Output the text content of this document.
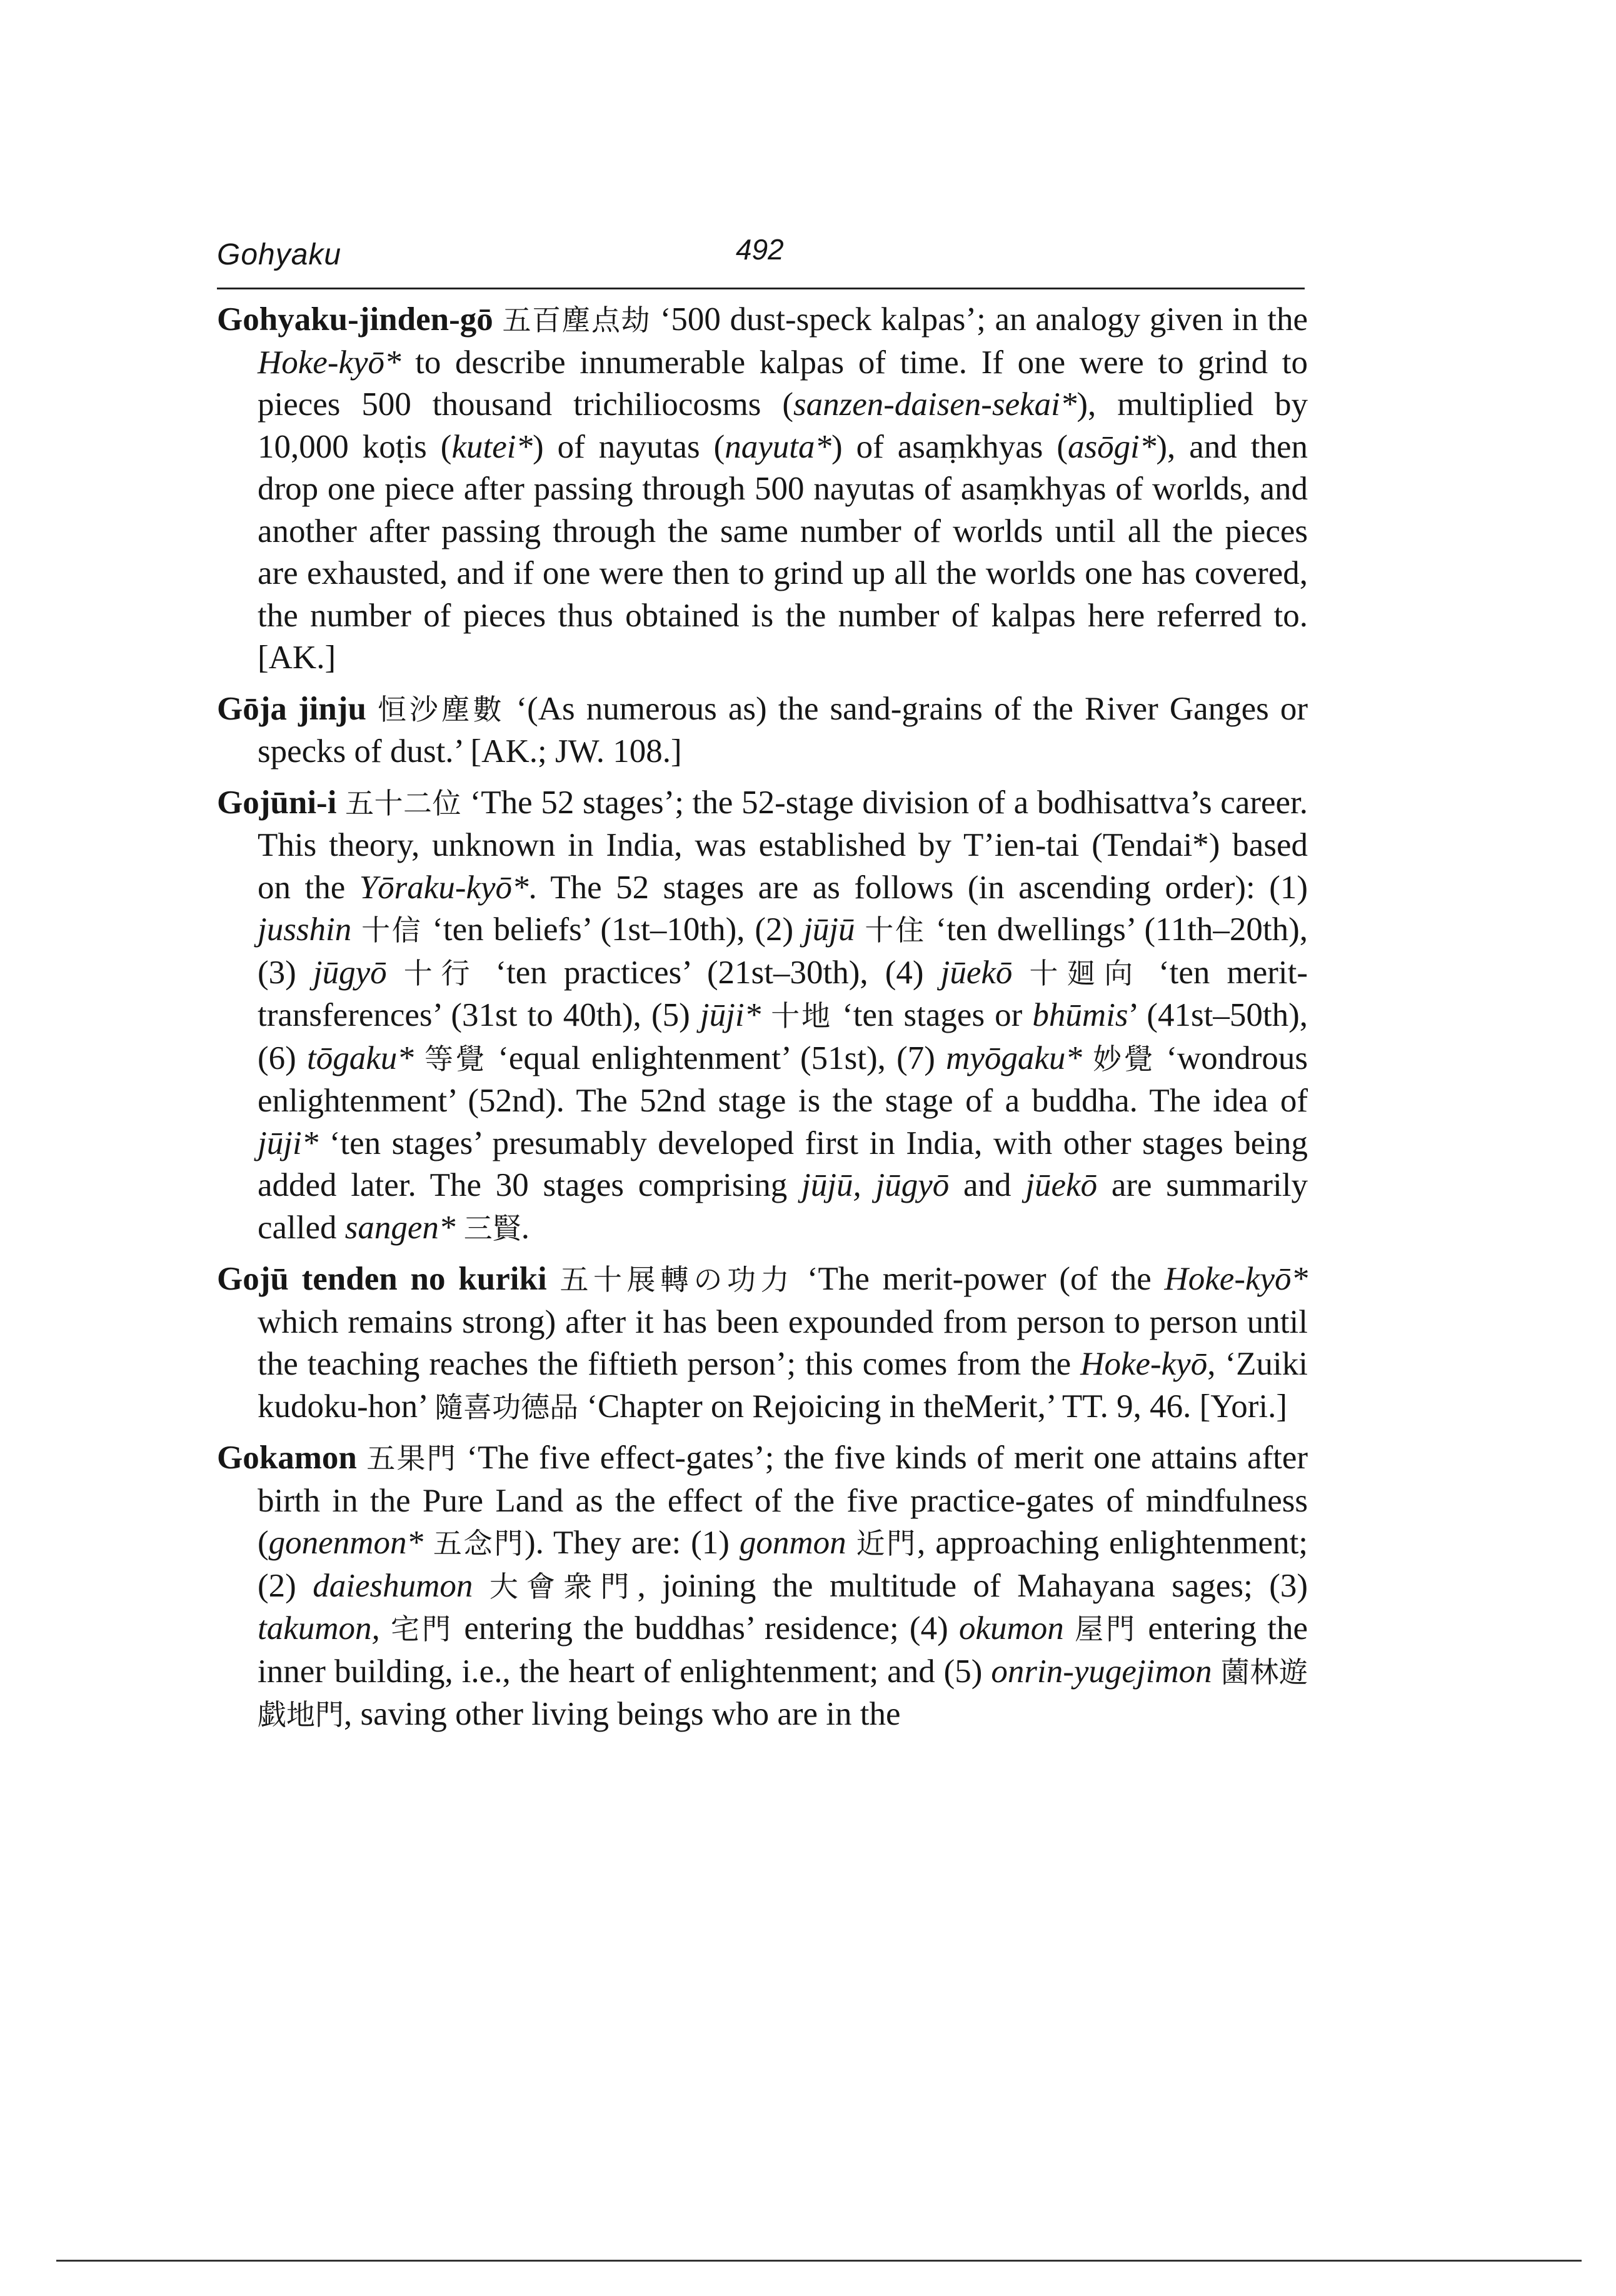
Gohyaku	492

Gohyaku-jinden-gō 五百塵点劫 ‘500 dust-speck kalpas’; an analogy given in the Hoke-kyō* to describe innumerable kalpas of time. If one were to grind to pieces 500 thousand trichiliocosms (sanzen-daisen-sekai*), multiplied by 10,000 koṭis (kutei*) of nayutas (nayuta*) of asaṃkhyas (asōgi*), and then drop one piece after passing through 500 nayutas of asaṃkhyas of worlds, and another after passing through the same number of worlds until all the pieces are exhausted, and if one were then to grind up all the worlds one has covered, the number of pieces thus obtained is the number of kalpas here referred to. [AK.]

Gōja jinju 恒沙塵數 ‘(As numerous as) the sand-grains of the River Ganges or specks of dust.’ [AK.; JW. 108.]

Gojūni-i 五十二位 ‘The 52 stages’; the 52-stage division of a bodhisattva’s career. This theory, unknown in India, was established by T’ien-tai (Tendai*) based on the Yōraku-kyō*. The 52 stages are as follows (in ascending order): (1) jusshin 十信 ‘ten beliefs’ (1st–10th), (2) jūjū 十住 ‘ten dwellings’ (11th–20th), (3) jūgyō 十行 ‘ten practices’ (21st–30th), (4) jūekō 十廻向 ‘ten merit-transferences’ (31st to 40th), (5) jūji* 十地 ‘ten stages or bhūmis’ (41st–50th), (6) tōgaku* 等覺 ‘equal enlightenment’ (51st), (7) myōgaku* 妙覺 ‘wondrous enlightenment’ (52nd). The 52nd stage is the stage of a buddha. The idea of jūji* ‘ten stages’ presumably developed first in India, with other stages being added later. The 30 stages comprising jūjū, jūgyō and jūekō are summarily called sangen* 三賢.

Gojū tenden no kuriki 五十展轉の功力 ‘The merit-power (of the Hoke-kyō* which remains strong) after it has been expounded from person to person until the teaching reaches the fiftieth person’; this comes from the Hoke-kyō, ‘Zuiki kudoku-hon’ 隨喜功德品 ‘Chapter on Rejoicing in theMerit,’ TT. 9, 46. [Yori.]

Gokamon 五果門 ‘The five effect-gates’; the five kinds of merit one attains after birth in the Pure Land as the effect of the five practice-gates of mindfulness (gonenmon* 五念門). They are: (1) gonmon 近門, approaching enlightenment; (2) daieshumon 大會衆門, joining the multitude of Mahayana sages; (3) takumon, 宅門 entering the buddhas’ residence; (4) okumon 屋門 entering the inner building, i.e., the heart of enlightenment; and (5) onrin-yugejimon 薗林遊戯地門, saving other living beings who are in the
